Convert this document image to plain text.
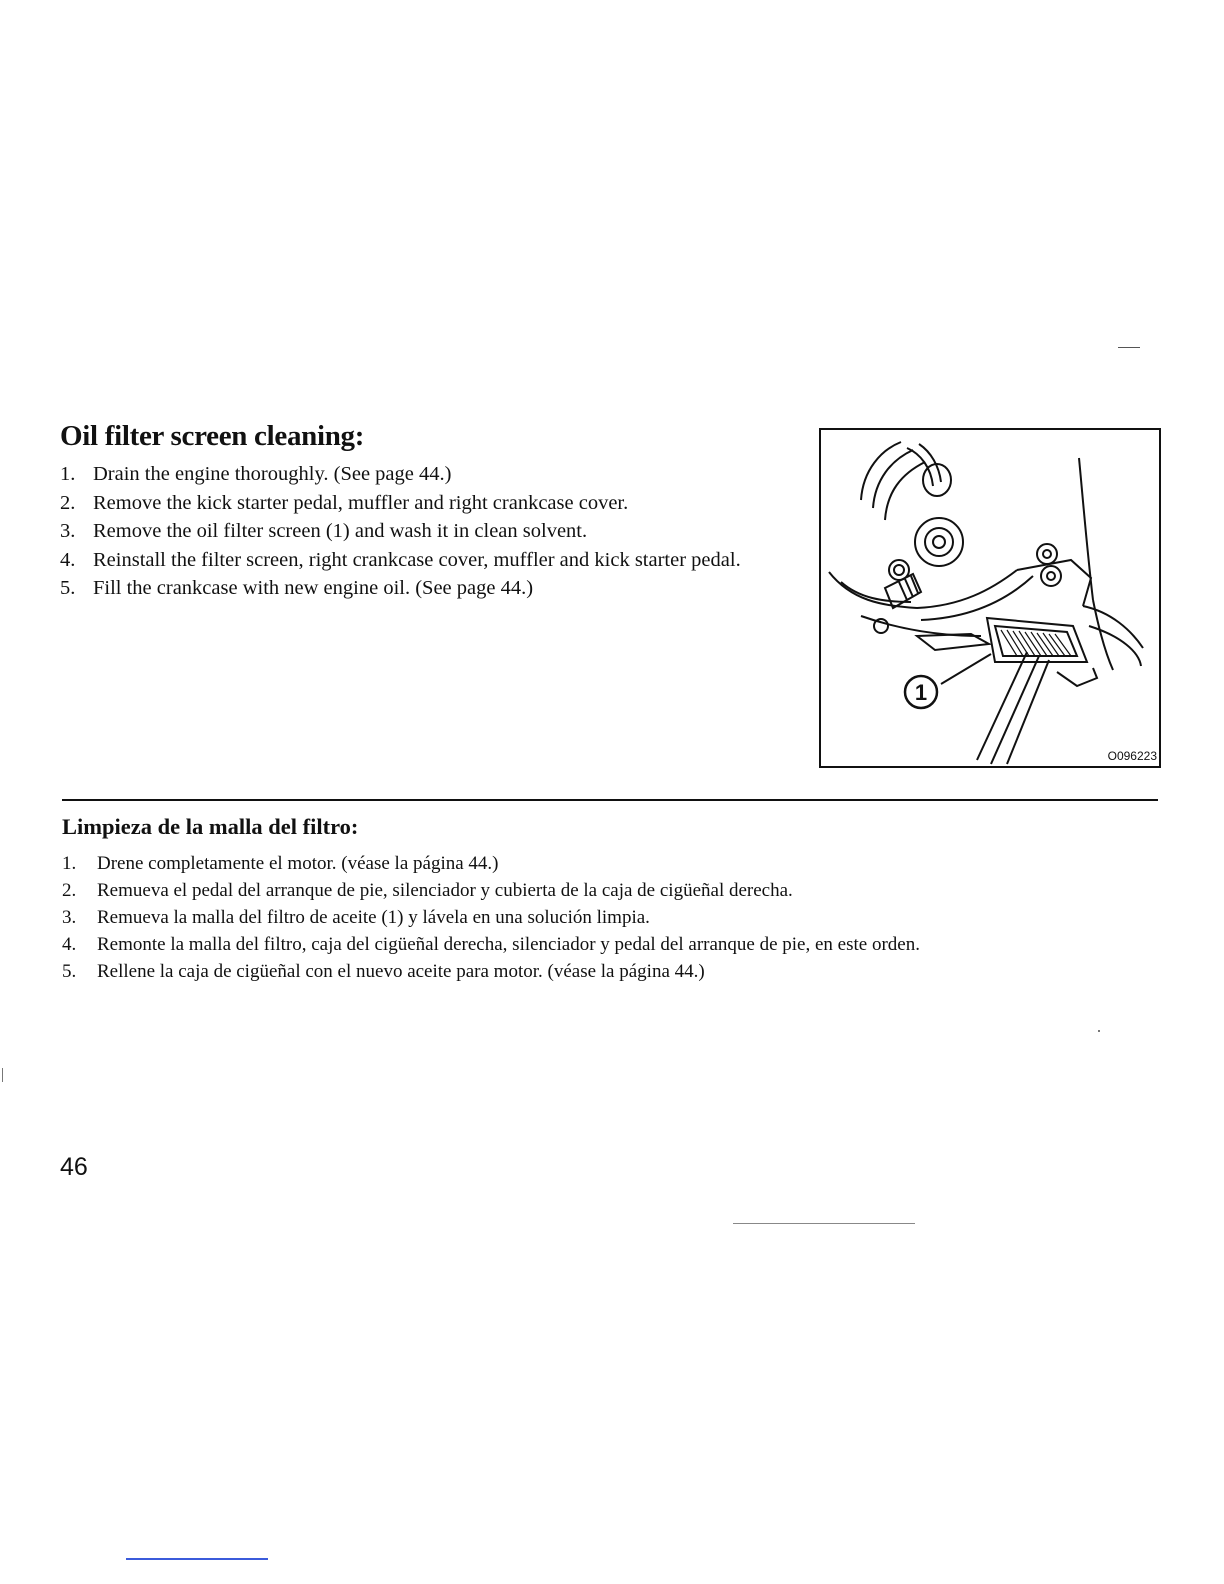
Oil filter screen cleaning:
1. Drain the engine thoroughly. (See page 44.)
2. Remove the kick starter pedal, muffler and right crankcase cover.
3. Remove the oil filter screen (1) and wash it in clean solvent.
4. Reinstall the filter screen, right crankcase cover, muffler and kick starter pedal.
5. Fill the crankcase with new engine oil. (See page 44.)
1
O096223
Limpieza de la malla del filtro:
1. Drene completamente el motor. (véase la página 44.)
2. Remueva el pedal del arranque de pie, silenciador y cubierta de la caja de cigüeñal derecha.
3. Remueva la malla del filtro de aceite (1) y lávela en una solución limpia.
4. Remonte la malla del filtro, caja del cigüeñal derecha, silenciador y pedal del arranque de pie, en este orden.
5. Rellene la caja de cigüeñal con el nuevo aceite para motor. (véase la página 44.)
46
